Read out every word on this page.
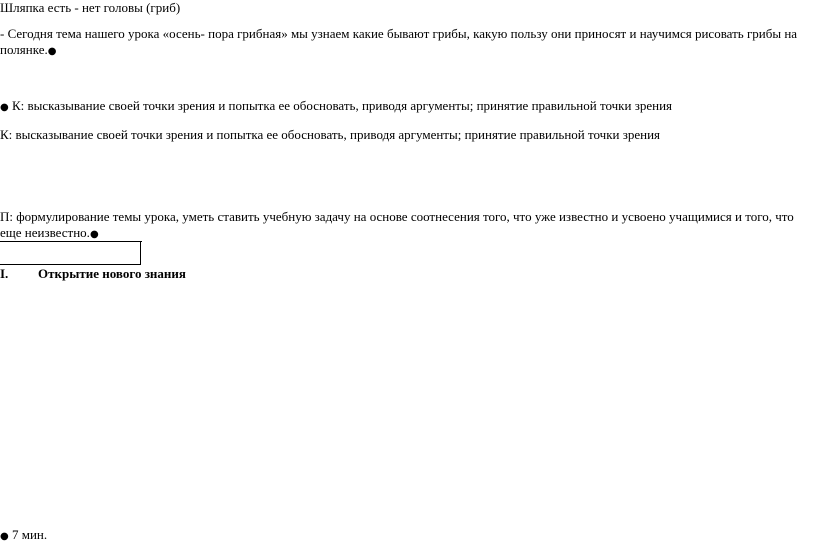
Шляпка есть - нет головы (гриб)
- Сегодня тема нашего урока «осень- пора грибная» мы узнаем какие бывают грибы, какую пользу они приносят и научимся рисовать грибы на полянке.●
● К: высказывание своей точки зрения и попытка ее обосновать, приводя аргументы; принятие правильной точки зрения
К: высказывание своей точки зрения и попытка ее обосновать, приводя аргументы; принятие правильной точки зрения
П: формулирование темы урока, уметь ставить учебную задачу на основе соотнесения того, что уже известно и усвоено учащимися и того, что еще неизвестно.●
I. Открытие нового знания
● 7 мин.
